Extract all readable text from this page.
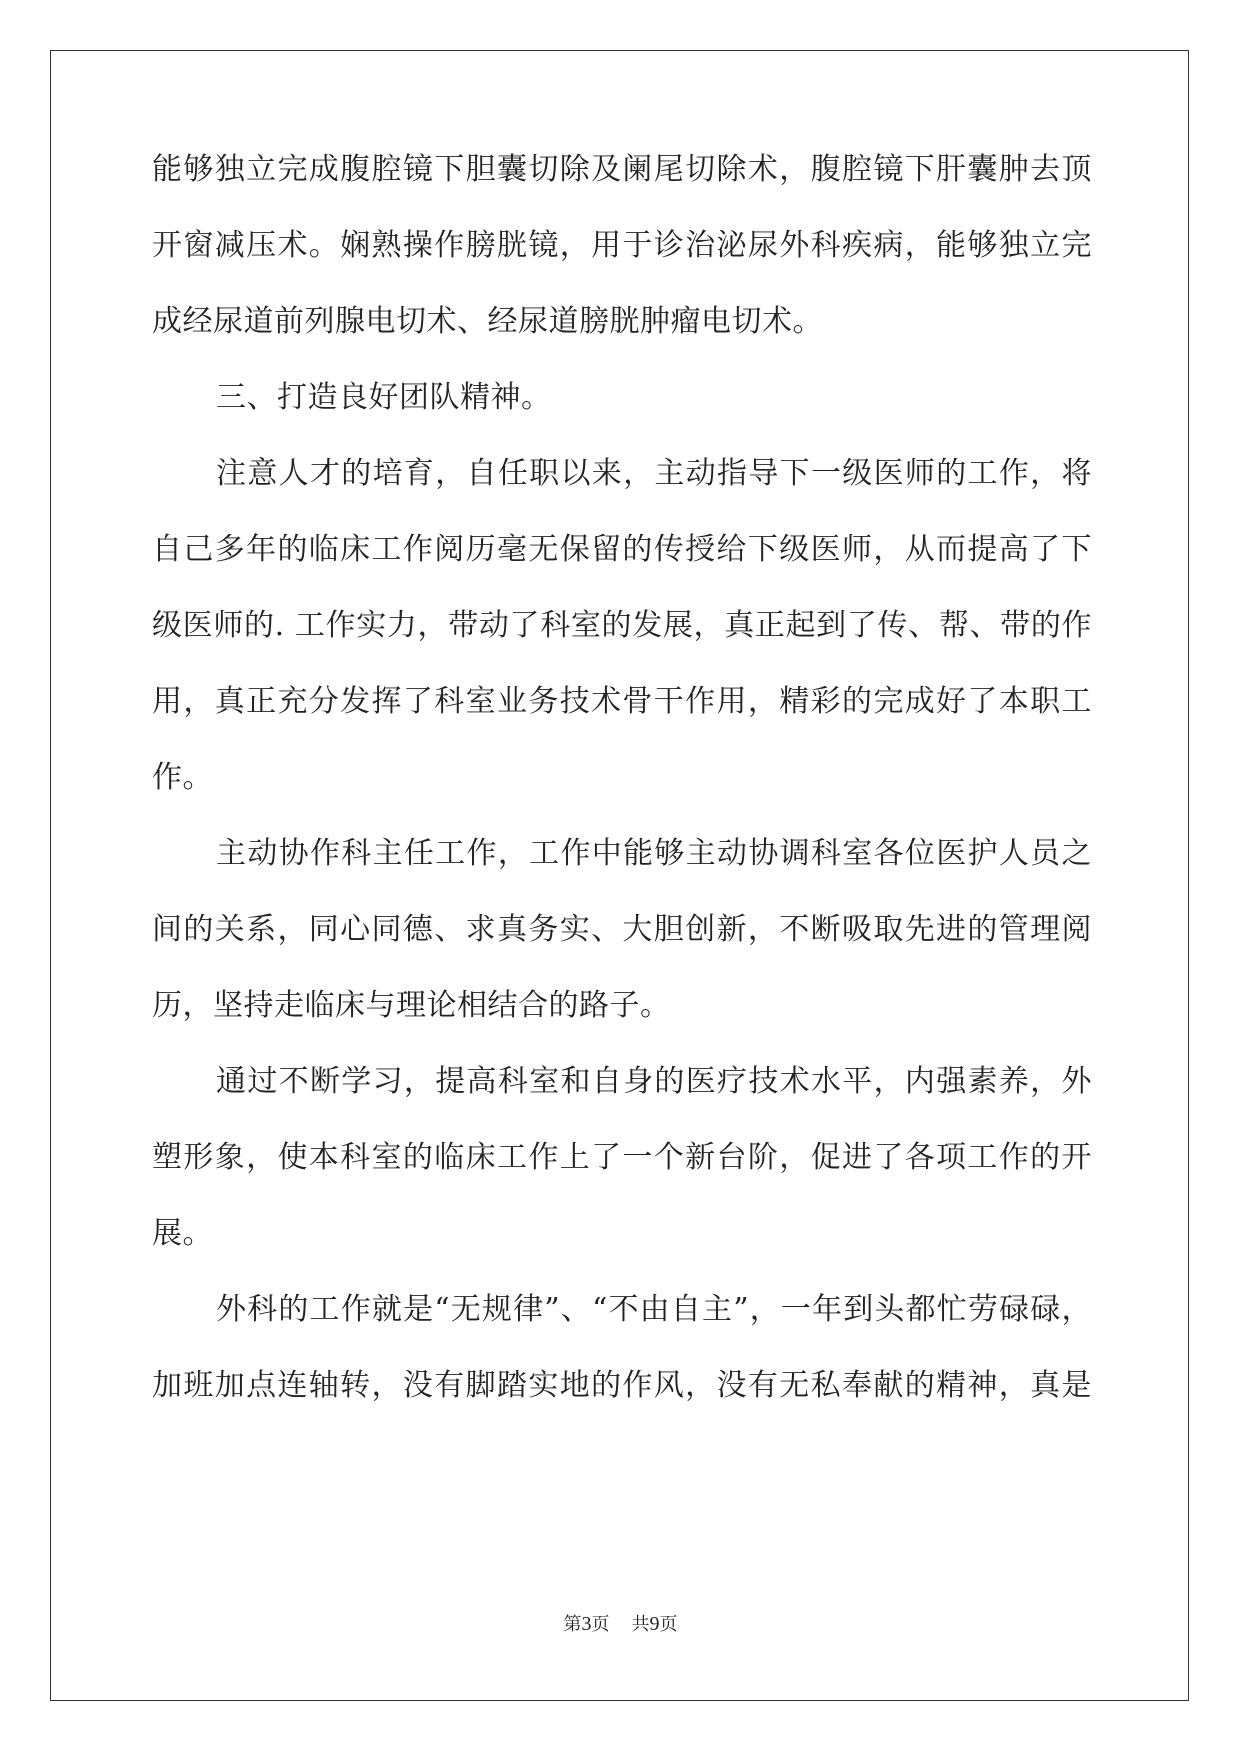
能够独立完成腹腔镜下胆囊切除及阑尾切除术，腹腔镜下肝囊肿去顶

开窗减压术。娴熟操作膀胱镜，用于诊治泌尿外科疾病，能够独立完

成经尿道前列腺电切术、经尿道膀胱肿瘤电切术。

三、打造良好团队精神。

注意人才的培育，自任职以来，主动指导下一级医师的工作，将

自己多年的临床工作阅历毫无保留的传授给下级医师，从而提高了下

级医师的. 工作实力，带动了科室的发展，真正起到了传、帮、带的作

用，真正充分发挥了科室业务技术骨干作用，精彩的完成好了本职工

作。

主动协作科主任工作，工作中能够主动协调科室各位医护人员之

间的关系，同心同德、求真务实、大胆创新，不断吸取先进的管理阅

历，坚持走临床与理论相结合的路子。

通过不断学习，提高科室和自身的医疗技术水平，内强素养，外

塑形象，使本科室的临床工作上了一个新台阶，促进了各项工作的开

展。

外科的工作就是“无规律”、“不由自主”，一年到头都忙劳碌碌，

加班加点连轴转，没有脚踏实地的作风，没有无私奉献的精神，真是

第3页 共9页
